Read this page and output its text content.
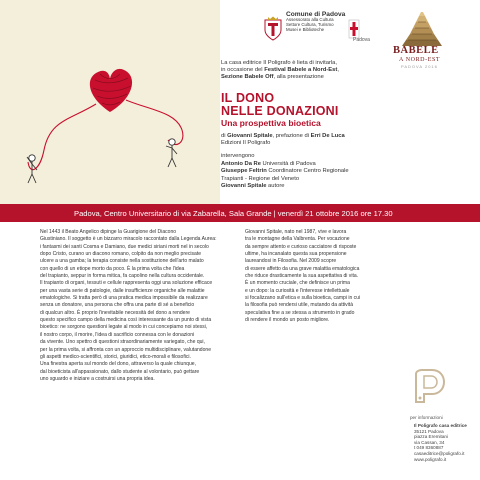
Comune di Padova
Assessorato alla Cultura
Settore Cultura, Turismo
Musei e Biblioteche
Padova
BABELE
A NORD-EST
PADOVA 2016
La casa editrice Il Poligrafo è lieta di invitarla,
in occasione del Festival Babele a Nord-Est,
Sezione Babele Off, alla presentazione
IL DONO
NELLE DONAZIONI
Una prospettiva bioetica
di Giovanni Spitale, prefazione di Erri De Luca
Edizioni Il Poligrafo
intervengono
Antonio Da Re Università di Padova
Giuseppe Feltrin Coordinatore Centro Regionale
Trapianti - Regione del Veneto
Giovanni Spitale autore
Padova, Centro Universitario di via Zabarella, Sala Grande | venerdì 21 ottobre 2016 ore 17.30
Nel 1443 il Beato Angelico dipinge la Guarigione del Diacono
Giustiniano. Il soggetto è un bizzarro miracolo raccontato dalla Legenda Aurea:
i fantasmi dei santi Cosma e Damiano, due medici siriani morti nel in secolo
dopo Cristo, curano un diacono romano, colpito da non meglio precisate
ulcere a una gamba; la terapia consiste nella sostituzione dell'arto malato
con quello di un etiope morto da poco. È la prima volta che l'idea
del trapianto, seppur in forma mitica, fa capolino nella cultura occidentale.
Il trapianto di organi, tessuti e cellule rappresenta oggi una soluzione efficace
per una vasta serie di patologie, dalle insufficienze organiche alle malattie
ematologiche. Si tratta però di una pratica medica impossibile da realizzare
senza un donatore, una persona che offra una parte di sé a beneficio
di qualcun altro. È proprio l'inevitabile necessità del dono a rendere
questo specifico campo della medicina così interessante da un punto di vista
bioetico: ne sorgono questioni legate al modo in cui concepiamo noi stessi,
il nostro corpo, il morire, l'idea di sacrificio connessa con le donazioni
da vivente. Uno spettro di questioni straordinariamente variegato, che qui,
per la prima volta, si affronta con un approccio multidisciplinare, valutandone
gli aspetti medico-scientifici, storici, giuridici, etico-morali e filosofici.
Una finestra aperta sul mondo del dono, attraverso la quale chiunque,
dal bioeticista all'appassionato, dallo studente al volontario, può gettare
uno sguardo e iniziare a costruirsi una propria idea.
Giovanni Spitale, nato nel 1987, vive e lavora
tra le montagne della Valbrenta. Per vocazione
da sempre attento e curioso cacciatore di risposte
ultime, ha incanalato questa sua propensione
laureandosi in Filosofia. Nel 2009 scopre
di essere affetto da una grave malattia ematologica
che riduce drasticamente la sua aspettativa di vita.
È un momento cruciale, che definisce un prima
e un dopo: la curiosità e l'interesse intellettuale
si focalizzano sull'etica e sulla bioetica, campi in cui
la filosofia può rendersi utile, mutando da attività
speculativa fine a se stessa a strumento in grado
di rendere il mondo un posto migliore.
per informazioni
Il Poligrafo casa editrice
35121 Padova
piazza Eremitani
via Cassan, 34
t 049 8360887
casaeditrice@poligrafo.it
www.poligrafo.it
